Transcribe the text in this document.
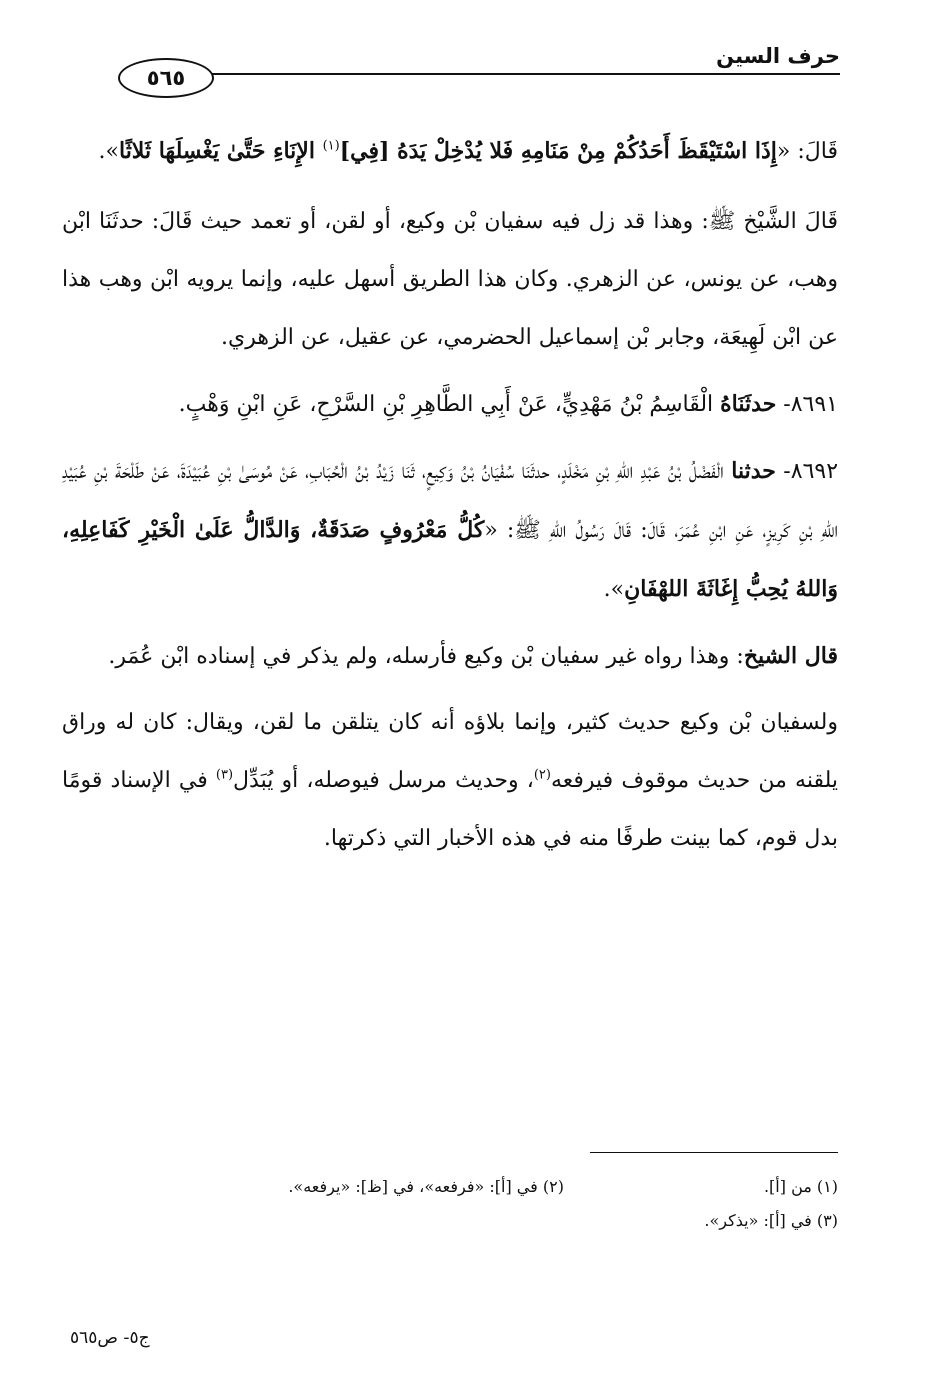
حرف السين
٥٦٥

قَالَ: «إِذَا اسْتَيْقَظَ أَحَدُكُمْ مِنْ مَنَامِهِ فَلا يُدْخِلْ يَدَهُ [فِي]$^{(١)}$ الإِنَاءِ حَتَّىٰ يَغْسِلَهَا ثَلاثًا».

قَالَ الشَّيْخ ﷺ: وهذا قد زل فيه سفيان بْن وكيع، أو لقن، أو تعمد حيث قَالَ: حدثَنَا ابْن وهب، عن يونس، عن الزهري. وكان هذا الطريق أسهل عليه، وإنما يرويه ابْن وهب هذا عن ابْن لَهِيعَة، وجابر بْن إسماعيل الحضرمي، عن عقيل، عن الزهري.

٨٦٩١- حدثَنَاهُ الْقَاسِمُ بْنُ مَهْدِيٍّ، عَنْ أَبِي الطَّاهِرِ بْنِ السَّرْحِ، عَنِ ابْنِ وَهْبٍ.

٨٦٩٢- حدثنا الْفَضْلُ بْنُ عَبْدِ اللهِ بْنِ مَخْلَدٍ، حدثَنَا سُفْيَانُ بْنُ وَكِيعٍ، ثَنَا زَيْدُ بْنُ الْحُبَابِ، عَنْ مُوسَىٰ بْنِ عُبَيْدَةَ، عَنْ طَلْحَةَ بْنِ عُبَيْدِ اللهِ بْنِ كَرِيزٍ، عَنِ ابْنِ عُمَرَ، قَالَ: قَالَ رَسُولُ اللهِ ﷺ: «كُلُّ مَعْرُوفٍ صَدَقَةٌ، وَالدَّالُّ عَلَىٰ الْخَيْرِ كَفَاعِلِهِ، وَاللهُ يُحِبُّ إِغَاثَةَ اللهْفَانِ».

قال الشيخ: وهذا رواه غير سفيان بْن وكيع فأرسله، ولم يذكر في إسناده ابْن عُمَر.

ولسفيان بْن وكيع حديث كثير، وإنما بلاؤه أنه كان يتلقن ما لقن، ويقال: كان له وراق يلقنه من حديث موقوف فيرفعه$^{(٢)}$، وحديث مرسل فيوصله، أو يُبَدِّل$^{(٣)}$ في الإسناد قومًا بدل قوم، كما بينت طرفًا منه في هذه الأخبار التي ذكرتها.

(١) من [أ].
(٢) في [أ]: «فرفعه»، في [ظ]: «يرفعه».
(٣) في [أ]: «يذكر».
ج٥- ص٥٦٥
